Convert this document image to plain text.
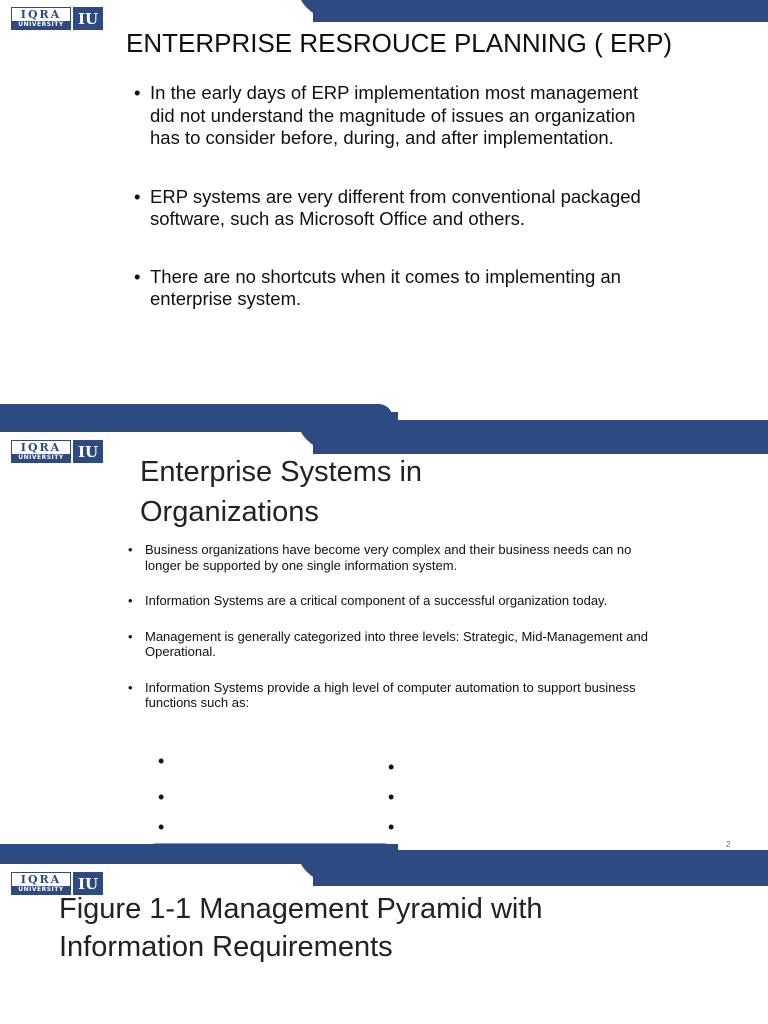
IQRA
UNIVERSITY IU
ENTERPRISE RESROUCE PLANNING ( ERP)
• In the early days of ERP implementation most management did not understand the magnitude of issues an organization has to consider before, during, and after implementation.
• ERP systems are very different from conventional packaged software, such as Microsoft Office and others.
• There are no shortcuts when it comes to implementing an enterprise system.
IQRA
UNIVERSITY IU
Enterprise Systems in
Organizations
• Business organizations have become very complex and their business needs can no longer be supported by one single information system.
• Information Systems are a critical component of a successful organization today.
• Management is generally categorized into three levels: Strategic, Mid-Management and Operational.
• Information Systems provide a high level of computer automation to support business functions such as:
•
•
•
•
•
•
2
IQRA
UNIVERSITY IU
Figure 1-1 Management Pyramid with
Information Requirements
